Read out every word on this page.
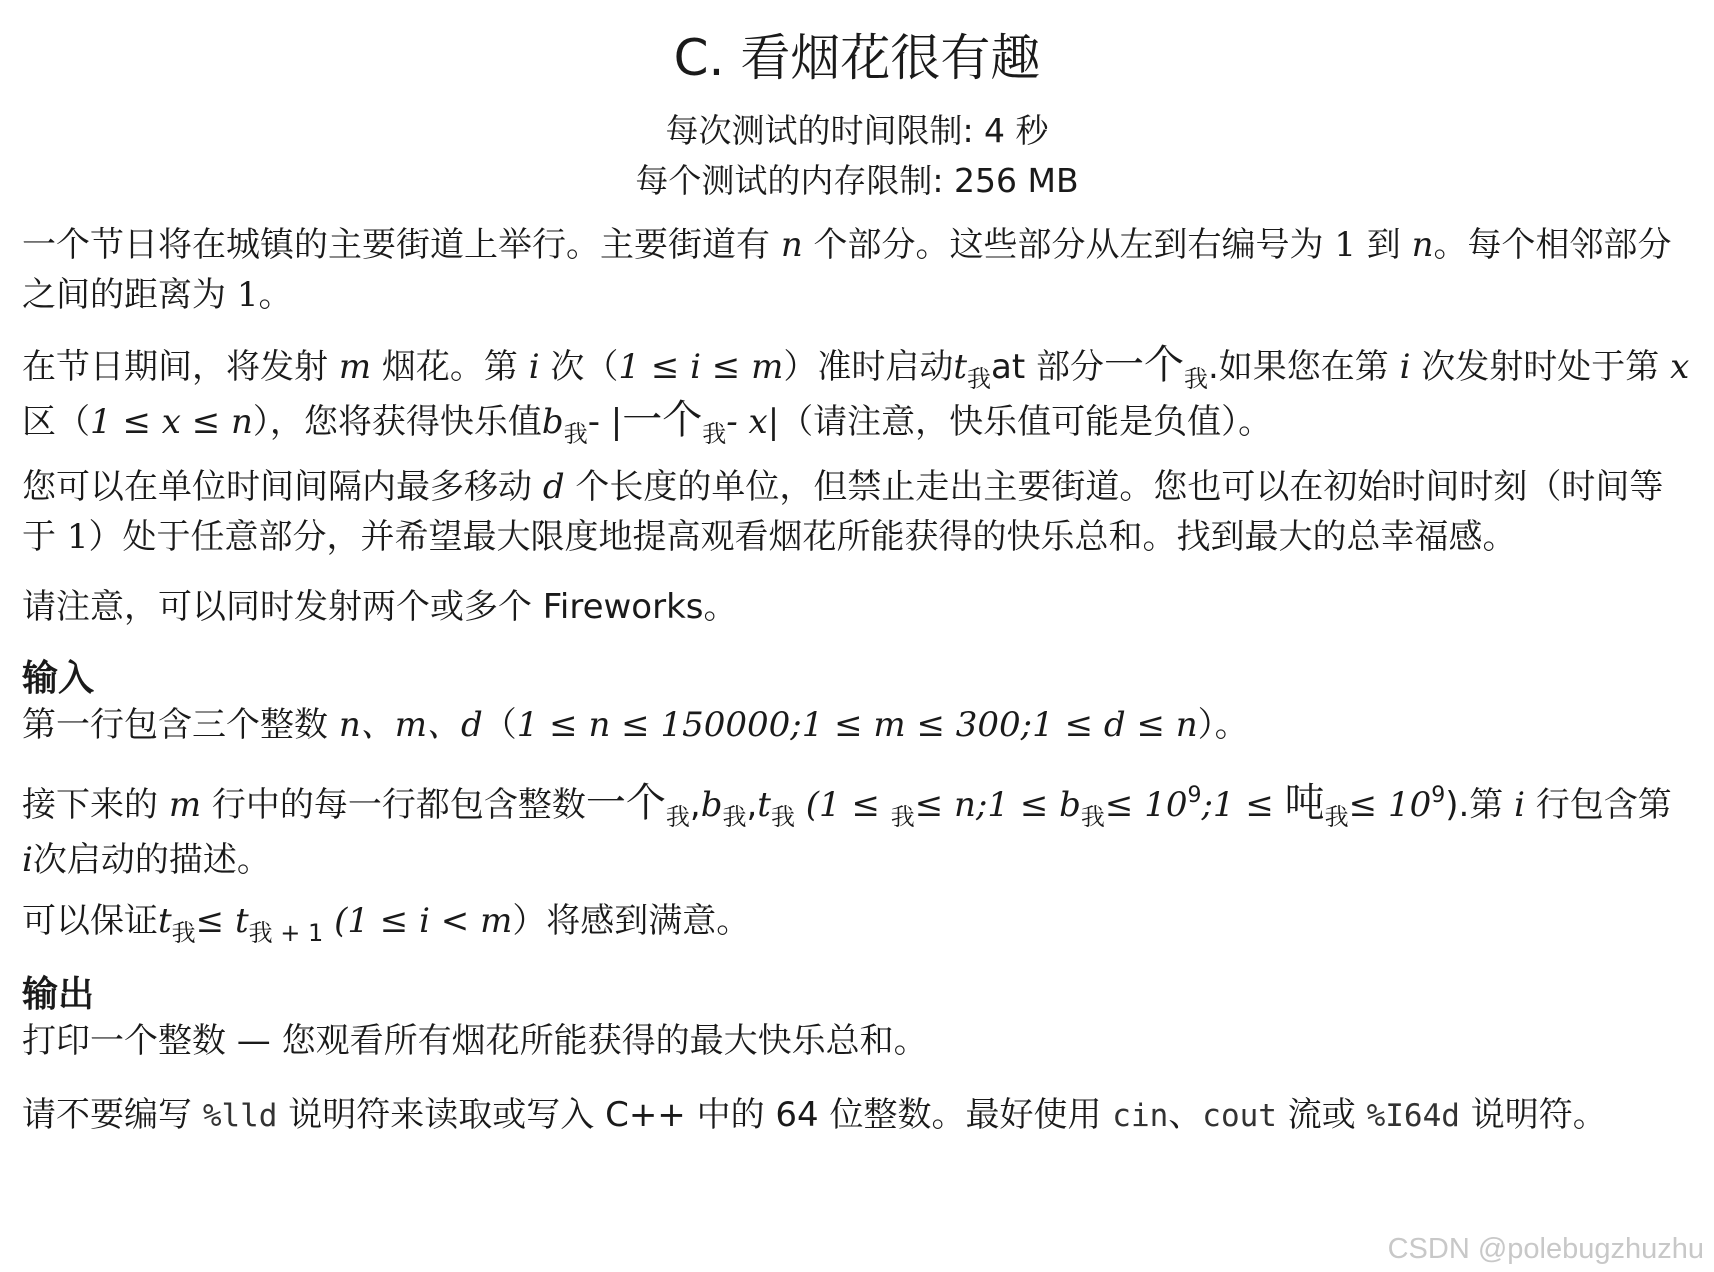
C. 看烟花很有趣
每次测试的时间限制: 4 秒
每个测试的内存限制: 256 MB
一个节日将在城镇的主要街道上举行。主要街道有 n 个部分。这些部分从左到右编号为 1 到 n。每个相邻部分之间的距离为 1。
在节日期间，将发射 m 烟花。第 i 次（1 ≤ i ≤ m）准时启动$t_我at$ 部分一个$_我$.如果您在第 i 次发射时处于第 x 区（1 ≤ x ≤ n），您将获得快乐值$b_我-$ |一个$_我$- x|（请注意，快乐值可能是负值）。
您可以在单位时间间隔内最多移动 d 个长度的单位，但禁止走出主要街道。您也可以在初始时间时刻（时间等于 1）处于任意部分，并希望最大限度地提高观看烟花所能获得的快乐总和。找到最大的总幸福感。
请注意，可以同时发射两个或多个 Fireworks。
输入
第一行包含三个整数 n、m、d（1 ≤ n ≤ 150000;1 ≤ m ≤ 300;1 ≤ d ≤ n）。
接下来的 m 行中的每一行都包含整数一个$_我,b_我,t_我$ (1 ≤ $_我$≤ n;1 ≤ $b_我\le$ $10^9;1$ ≤ 吨$_我\le 10^9$).第 i 行包含第 i次启动的描述。
可以保证$t_我\le t_{我 + 1}$ (1 ≤ i < m）将感到满意。
输出
打印一个整数 — 您观看所有烟花所能获得的最大快乐总和。
请不要编写 %lld 说明符来读取或写入 C++ 中的 64 位整数。最好使用 cin、cout 流或 %I64d 说明符。
CSDN @polebugzhuzhu
